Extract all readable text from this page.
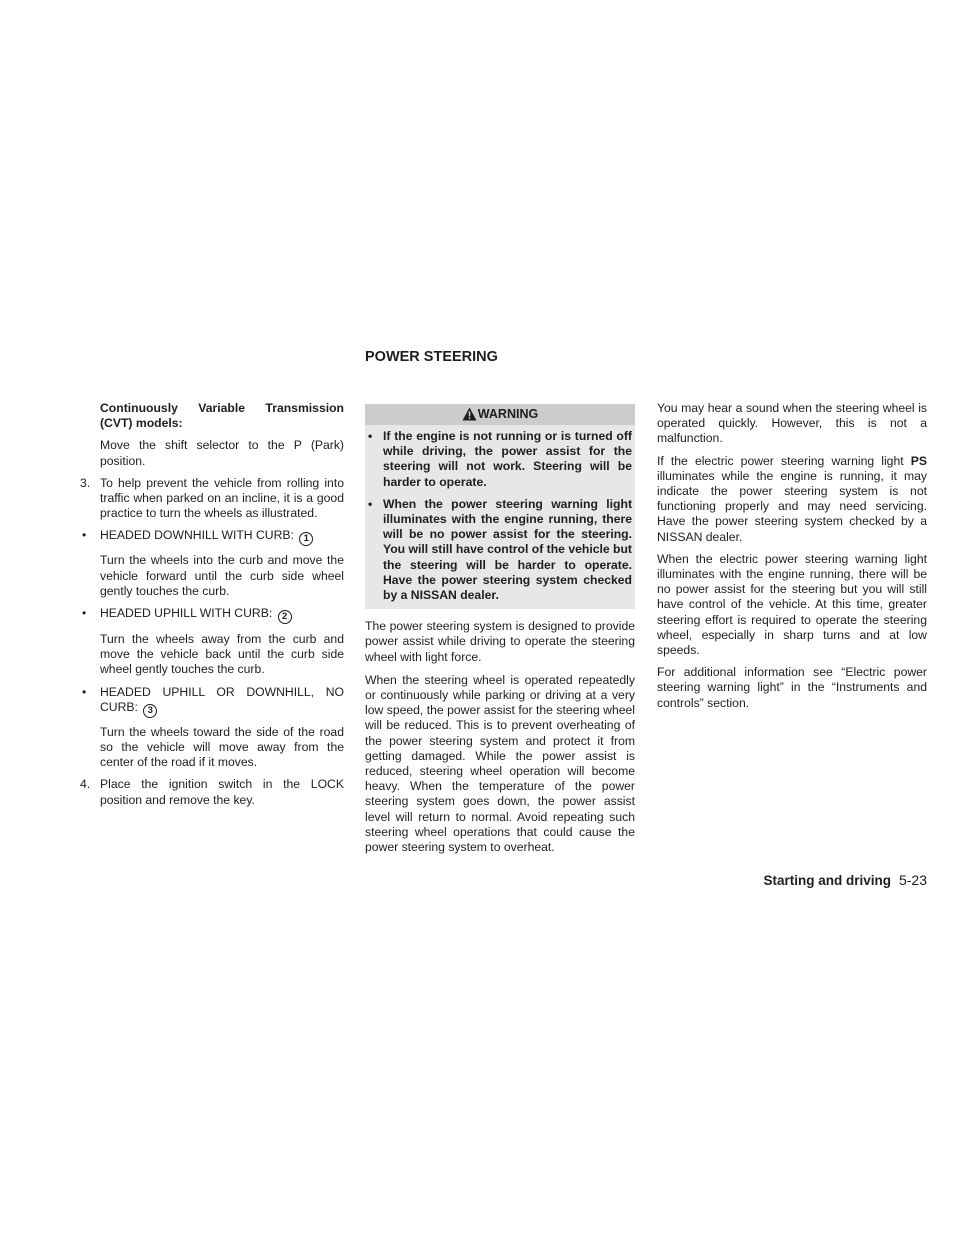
Continuously Variable Transmission (CVT) models:

Move the shift selector to the P (Park) position.

3. To help prevent the vehicle from rolling into traffic when parked on an incline, it is a good practice to turn the wheels as illustrated.

• HEADED DOWNHILL WITH CURB: 1

Turn the wheels into the curb and move the vehicle forward until the curb side wheel gently touches the curb.

• HEADED UPHILL WITH CURB: 2

Turn the wheels away from the curb and move the vehicle back until the curb side wheel gently touches the curb.

• HEADED UPHILL OR DOWNHILL, NO CURB: 3

Turn the wheels toward the side of the road so the vehicle will move away from the center of the road if it moves.

4. Place the ignition switch in the LOCK position and remove the key.

POWER STEERING
WARNING
• If the engine is not running or is turned off while driving, the power assist for the steering will not work. Steering will be harder to operate.

• When the power steering warning light illuminates with the engine running, there will be no power assist for the steering. You will still have control of the vehicle but the steering will be harder to operate. Have the power steering system checked by a NISSAN dealer.

The power steering system is designed to provide power assist while driving to operate the steering wheel with light force.

When the steering wheel is operated repeatedly or continuously while parking or driving at a very low speed, the power assist for the steering wheel will be reduced. This is to prevent overheating of the power steering system and protect it from getting damaged. While the power assist is reduced, steering wheel operation will become heavy. When the temperature of the power steering system goes down, the power assist level will return to normal. Avoid repeating such steering wheel operations that could cause the power steering system to overheat.

You may hear a sound when the steering wheel is operated quickly. However, this is not a malfunction.

If the electric power steering warning light PS illuminates while the engine is running, it may indicate the power steering system is not functioning properly and may need servicing. Have the power steering system checked by a NISSAN dealer.

When the electric power steering warning light illuminates with the engine running, there will be no power assist for the steering but you will still have control of the vehicle. At this time, greater steering effort is required to operate the steering wheel, especially in sharp turns and at low speeds.

For additional information see “Electric power steering warning light” in the “Instruments and controls” section.

Starting and driving 5-23
